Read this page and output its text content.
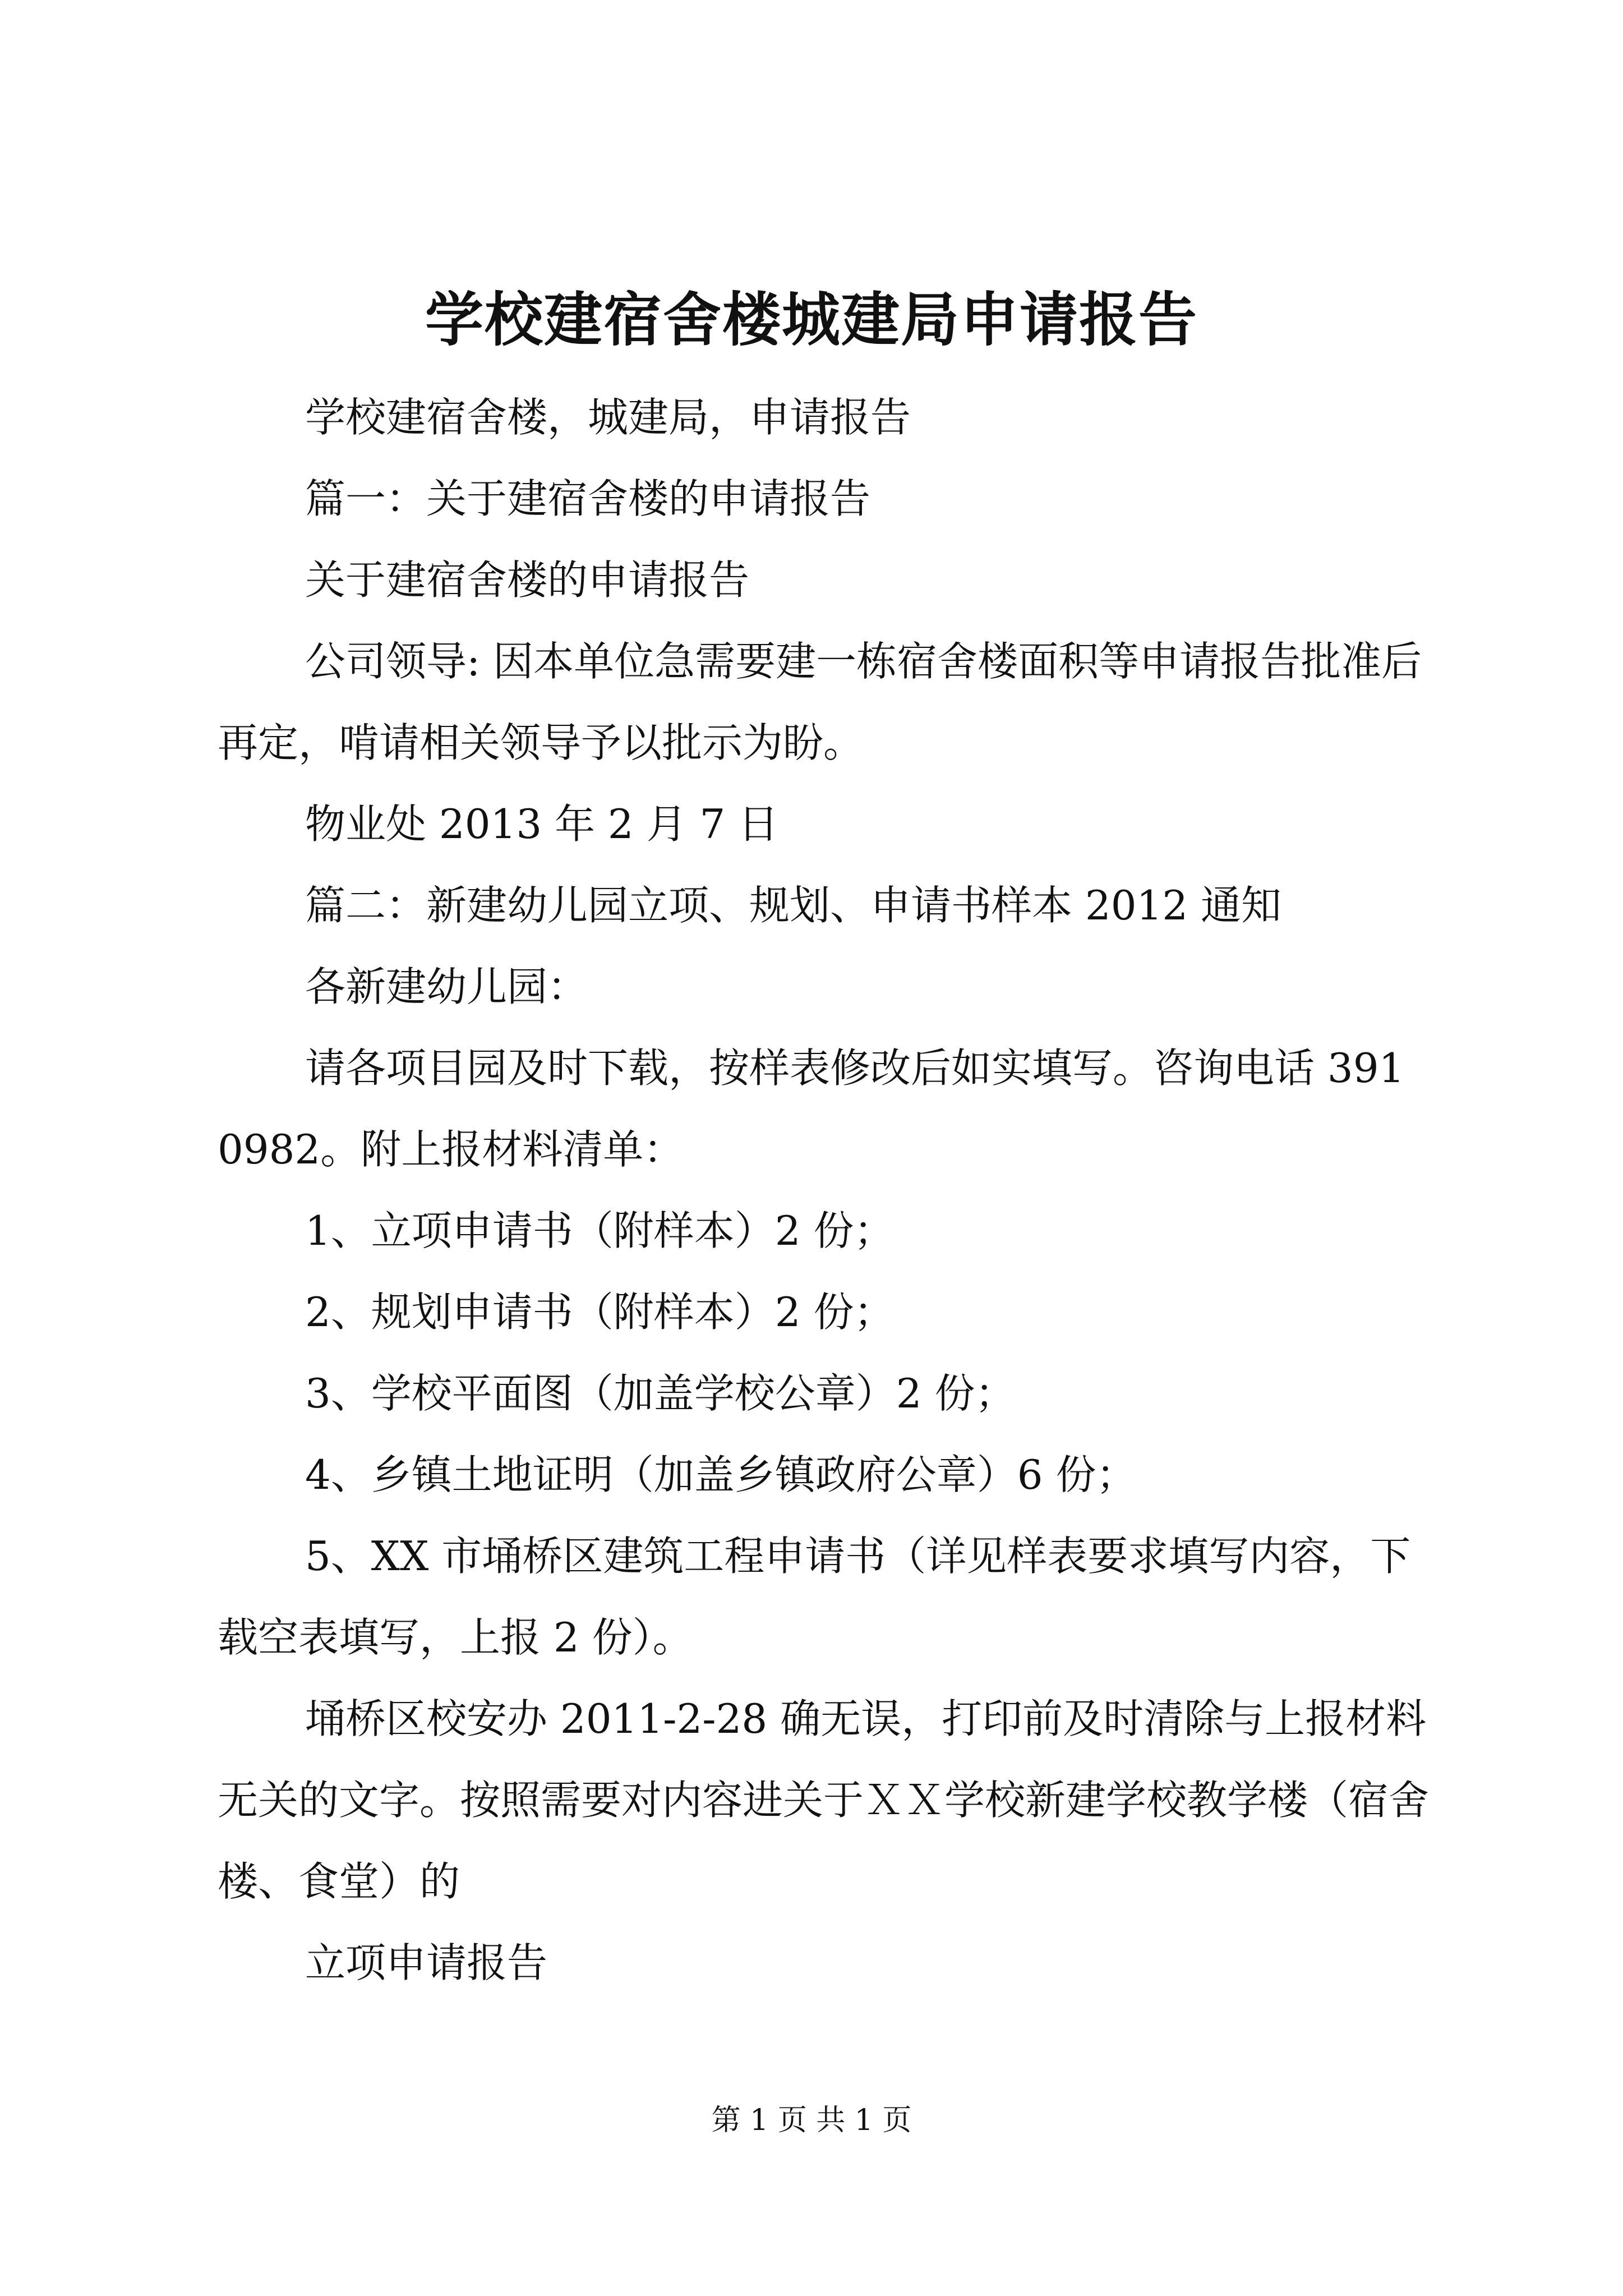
学校建宿舍楼城建局申请报告

学校建宿舍楼，城建局，申请报告

篇一：关于建宿舍楼的申请报告

关于建宿舍楼的申请报告

公司领导: 因本单位急需要建一栋宿舍楼面积等申请报告批准后再定，啃请相关领导予以批示为盼。

物业处 2013 年 2 月 7 日

篇二：新建幼儿园立项、规划、申请书样本 2012 通知

各新建幼儿园：

请各项目园及时下载，按样表修改后如实填写。咨询电话 3910982。附上报材料清单：

1、立项申请书（附样本）2 份；

2、规划申请书（附样本）2 份；

3、学校平面图（加盖学校公章）2 份；

4、乡镇土地证明（加盖乡镇政府公章）6 份；

5、XX 市埇桥区建筑工程申请书（详见样表要求填写内容，下载空表填写，上报 2 份）。

埇桥区校安办 2011-2-28 确无误，打印前及时清除与上报材料无关的文字。按照需要对内容进关于ＸＸ学校新建学校教学楼（宿舍楼、食堂）的

立项申请报告

第 1 页 共 1 页
